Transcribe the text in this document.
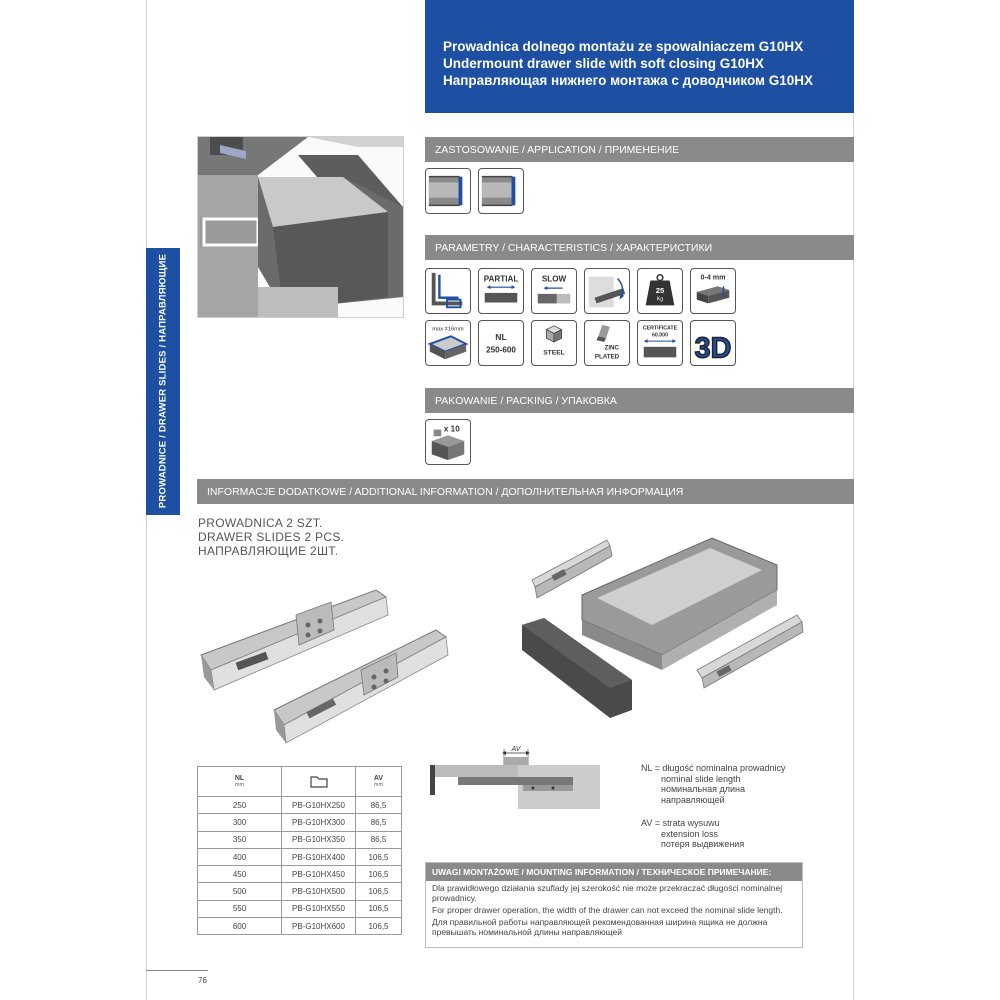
Prowadnica dolnego montażu ze spowalniaczem G10HX
Undermount drawer slide with soft closing G10HX
Направляющая нижнего монтажа с доводчиком G10HX
PROWADNICE / DRAWER SLIDES / НАПРАВЛЯЮЩИЕ
ZASTOSOWANIE / APPLICATION / ПРИМЕНЕНИЕ
PARAMETRY / CHARACTERISTICS / ХАРАКТЕРИСТИКИ
PARTIAL	SLOW
25
Kg
0-4 mm
max ≠16mm
NL
250-600	STEEL
ZINC
PLATED
CERTIFICATE
60.000 3D
PAKOWANIE / PACKING / УПАКОВКА
x 10
INFORMACJE DODATKOWE / ADDITIONAL INFORMATION / ДОПОЛНИТЕЛЬНАЯ ИНФОРМАЦИЯ
PROWADNICA 2 SZT.
DRAWER SLIDES 2 PCS.
НАПРАВЛЯЮЩИЕ 2ШТ.
NL
mm		AV
mm

250	PB-G10HX250	86,5
300	PB-G10HX300	86,5
350	PB-G10HX350	86,5
400	PB-G10HX400	106,5
450	PB-G10HX450	106,5
500	PB-G10HX500	106,5
550	PB-G10HX550	106,5
600	PB-G10HX600	106,5
AV
NL = długość nominalna prowadnicy
nominal slide length
номинальная длина
направляющей
AV = strata wysuwu
extension loss
потеря выдвижения
UWAGI MONTAŻOWE / MOUNTING INFORMATION / ТЕХНИЧЕСКОЕ ПРИМЕЧАНИЕ:

Dla prawidłowego działania szuflady jej szerokość nie może przekraczać długości nominalnej prowadnicy.

For proper drawer operation, the width of the drawer can not exceed the nominal slide length.

Для правильной работы направляющей рекомендованная ширина ящика не должна превышать номинальной длины направляющей

76
